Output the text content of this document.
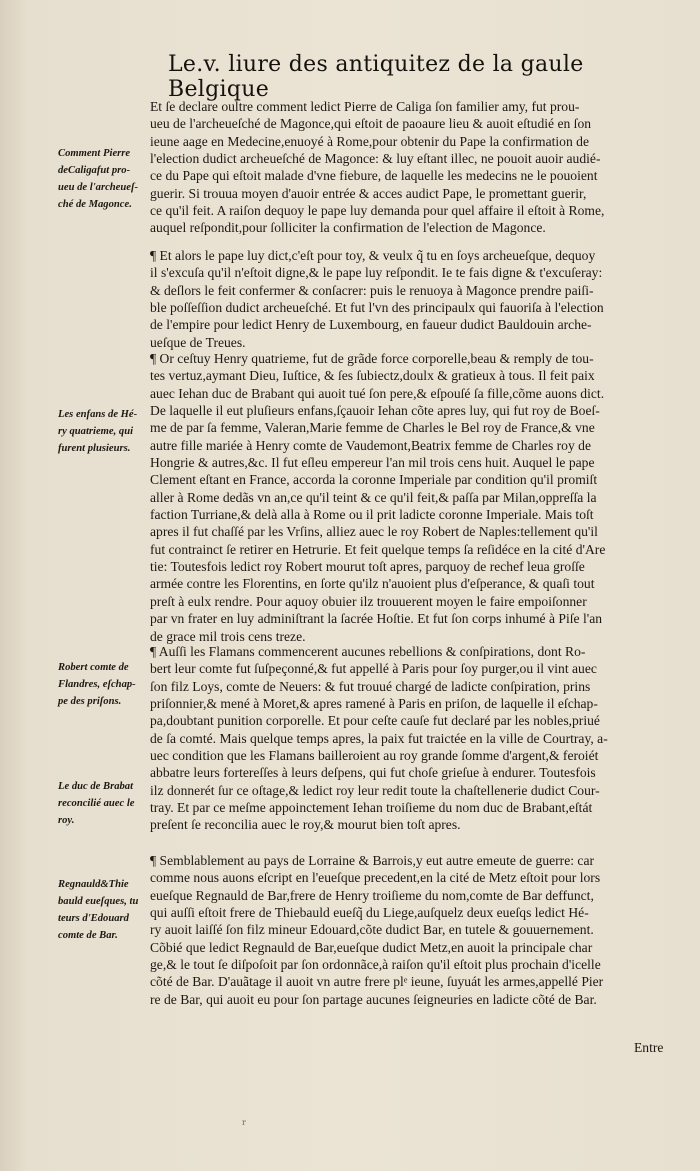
Le.v. liure des antiquitez de la gaule Belgique
Et ſe declare oultre comment ledict Pierre de Caliga ſon familier amy, fut prou-
ueu de l'archeueſché de Magonce,qui eſtoit de paoaure lieu & auoit eſtudié en ſon
ieune aage en Medecine,enuoyé à Rome,pour obtenir du Pape la confirmation de
l'election dudict archeueſché de Magonce: & luy eſtant illec, ne pouoit auoir audié-
ce du Pape qui eſtoit malade d'vne fiebure, de laquelle les medecins ne le pouoient
guerir. Si trouua moyen d'auoir entrée & acces audict Pape, le promettant guerir,
ce qu'il feit. A raiſon dequoy le pape luy demanda pour quel affaire il eſtoit à Rome,
auquel reſpondit,pour ſolliciter la confirmation de l'election de Magonce.
¶ Et alors le pape luy dict,c'eſt pour toy, & veulx q̃ tu en ſoys archeueſque, dequoy
il s'excuſa qu'il n'eſtoit digne,& le pape luy reſpondit. Ie te fais digne & t'excuſeray:
& deſlors le feit confermer & conſacrer: puis le renuoya à Magonce prendre paiſi-
ble poſſeſſion dudict archeueſché. Et fut l'vn des principaulx qui fauoriſa à l'election
de l'empire pour ledict Henry de Luxembourg, en faueur dudict Bauldouin arche-
ueſque de Treues.
¶ Or ceſtuy Henry quatrieme, fut de grãde force corporelle,beau & remply de tou-
tes vertuz,aymant Dieu, Iuſtice, & ſes ſubiectz,doulx & gratieux à tous. Il feit paix
auec Iehan duc de Brabant qui auoit tué ſon pere,& eſpouſé ſa fille,cõme auons dict.
De laquelle il eut pluſieurs enfans,ſçauoir Iehan cõte apres luy, qui fut roy de Boeſ-
me de par ſa femme, Valeran,Marie femme de Charles le Bel roy de France,& vne
autre fille mariée à Henry comte de Vaudemont,Beatrix femme de Charles roy de
Hongrie & autres,&c. Il fut eſleu empereur l'an mil trois cens huit. Auquel le pape
Clement eſtant en France, accorda la coronne Imperiale par condition qu'il promiſt
aller à Rome dedãs vn an,ce qu'il teint & ce qu'il feit,& paſſa par Milan,oppreſſa la
faction Turriane,& delà alla à Rome ou il prit ladicte coronne Imperiale. Mais toſt
apres il fut chaſſé par les Vrſins, alliez auec le roy Robert de Naples:tellement qu'il
fut contrainct ſe retirer en Hetrurie. Et feit quelque temps ſa reſidéce en la cité d'Are
tie: Toutesfois ledict roy Robert mourut toſt apres, parquoy de rechef leua groſſe
armée contre les Florentins, en ſorte qu'ilz n'auoient plus d'eſperance, & quaſi tout
preſt à eulx rendre. Pour aquoy obuier ilz trouuerent moyen le faire empoiſonner
par vn frater en luy adminiſtrant la ſacrée Hoſtie. Et fut ſon corps inhumé à Piſe l'an
de grace mil trois cens treze.
¶ Auſſi les Flamans commencerent aucunes rebellions & conſpirations, dont Ro-
bert leur comte fut ſuſpeçonné,& fut appellé à Paris pour ſoy purger,ou il vint auec
ſon filz Loys, comte de Neuers: & fut trouué chargé de ladicte conſpiration, prins
priſonnier,& mené à Moret,& apres ramené à Paris en priſon, de laquelle il eſchap-
pa,doubtant punition corporelle. Et pour ceſte cauſe fut declaré par les nobles,priué
de ſa comté. Mais quelque temps apres, la paix fut traictée en la ville de Courtray, a-
uec condition que les Flamans bailleroient au roy grande ſomme d'argent,& feroiét
abbatre leurs fortereſſes à leurs deſpens, qui fut choſe grieſue à endurer. Toutesfois
ilz donnerét ſur ce oſtage,& ledict roy leur redit toute la chaſtellenerie dudict Cour-
tray. Et par ce meſme appoinctement Iehan troiſieme du nom duc de Brabant,eſtát
preſent ſe reconcilia auec le roy,& mourut bien toſt apres.
¶ Semblablement au pays de Lorraine & Barrois,y eut autre emeute de guerre: car
comme nous auons eſcript en l'eueſque precedent,en la cité de Metz eſtoit pour lors
eueſque Regnauld de Bar,frere de Henry troiſieme du nom,comte de Bar deffunct,
qui auſſi eſtoit frere de Thiebauld eueſq̃ du Liege,auſquelz deux eueſqs ledict Hé-
ry auoit laiſſé ſon filz mineur Edouard,cõte dudict Bar, en tutele & gouuernement.
Cõbié que ledict Regnauld de Bar,eueſque dudict Metz,en auoit la principale char
ge,& le tout ſe diſpoſoit par ſon ordonnãce,à raiſon qu'il eſtoit plus prochain d'icelle
cõté de Bar. D'auãtage il auoit vn autre frere plᵉ ieune, ſuyuát les armes,appellé Pier
re de Bar, qui auoit eu pour ſon partage aucunes ſeigneuries en ladicte cõté de Bar.
Comment Pierre
deCaligafut pro-
ueu de l'archeueſ-
ché de Magonce.
Les enfans de Hé-
ry quatrieme, qui
furent plusieurs.
Robert comte de
Flandres, eſchap-
pe des priſons.
Le duc de Brabat
reconcilié auec le
roy.
Regnauld&Thie
bauld eueſques, tu
teurs d'Edouard
comte de Bar.
Entre
r
